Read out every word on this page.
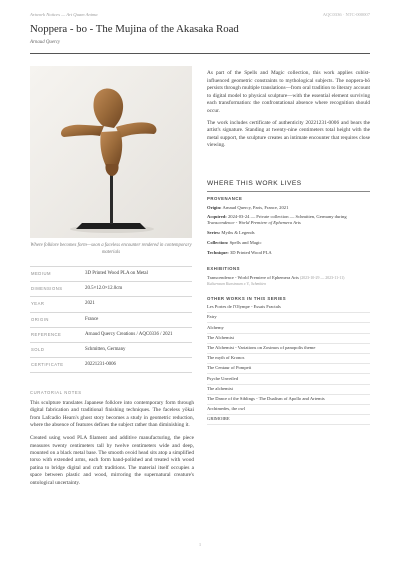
Artwork Notices — Art Quam Anima	AQC0336 · NTC-000007
Noppera - bo - The Mujina of the Akasaka Road
Arnaud Quercy
Where folklore becomes form—soon a faceless encounter rendered in contemporary materials
MEDIUM	3D Printed Wood PLA on Metal
DIMENSIONS	20.5×12.0×12.0cm
YEAR	2021
ORIGIN	France
REFERENCE	Arnaud Quercy Creations / AQC0336 / 2021
SOLD	Schmitten, Germany
CERTIFICATE	20221231-0006
CURATORIAL NOTES

This sculpture translates Japanese folklore into contemporary form through digital fabrication and traditional finishing techniques. The faceless yōkai from Lafcadio Hearn's ghost story becomes a study in geometric reduction, where the absence of features defines the subject rather than diminishing it.

Created using wood PLA filament and additive manufacturing, the piece measures twenty centimeters tall by twelve centimeters wide and deep, mounted on a black metal base. The smooth ovoid head sits atop a simplified torso with extended arms, each form hand-polished and treated with wood patina to bridge digital and craft traditions. The material itself occupies a space between plastic and wood, mirroring the supernatural creature's ontological uncertainty.

As part of the Spells and Magic collection, this work applies cubist-influenced geometric constraints to mythological subjects. The noppera-bō persists through multiple translations—from oral tradition to literary account to digital model to physical sculpture—with the essential element surviving each transformation: the confrontational absence where recognition should occur.

The work includes certificate of authenticity 20221231-0006 and bears the artist's signature. Standing at twenty-nine centimeters total height with the metal support, the sculpture creates an intimate encounter that requires close viewing.

WHERE THIS WORK LIVES
PROVENANCE
Origin: Arnaud Quercy, Paris, France, 2021
Acquired: 2024-03-24 — Private collection — Schmitten, Germany during Transcendence - World Premiere of Ephemera Arts
Series: Myths & Legends
Collection: Spells and Magic
Technique: 3D Printed Wood PLA
EXHIBITIONS
Transcendence - World Premiere of Ephemera Arts (2023-10-29 — 2023-11-11)
Kulturraum Kunstraum e.V., Schmitten
OTHER WORKS IN THIS SERIES
Les Portes de l'Olympe - Essais Fractals
Fairy
Alchemy
The Alchemist
The Alchemist - Variations on Zosimos of panopolis theme
The myth of Kronos
The Centaur of Pompeii
Psyche Unveiled
The alchemist
The Dance of the Siblings - The Dualism of Apollo and Artemis
Archimedes, the owl
GRIMOIRE
1
